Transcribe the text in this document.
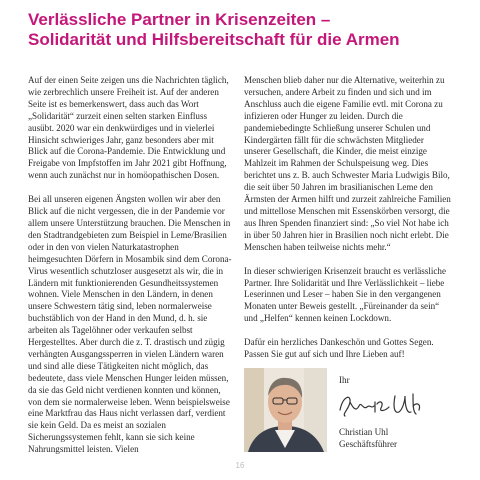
Verlässliche Partner in Krisenzeiten –
Solidarität und Hilfsbereitschaft für die Armen

Auf der einen Seite zeigen uns die Nachrichten täglich, wie zerbrechlich unsere Freiheit ist. Auf der anderen Seite ist es bemerkenswert, dass auch das Wort „Solidarität“ zurzeit einen selten starken Einfluss ausübt. 2020 war ein denkwürdiges und in vielerlei Hinsicht schwieriges Jahr, ganz besonders aber mit Blick auf die Corona-Pandemie. Die Entwicklung und Freigabe von Impfstoffen im Jahr 2021 gibt Hoffnung, wenn auch zunächst nur in homöopathischen Dosen.

Bei all unseren eigenen Ängsten wollen wir aber den Blick auf die nicht vergessen, die in der Pandemie vor allem unsere Unterstützung brauchen. Die Menschen in den Stadtrandgebieten zum Beispiel in Leme/Brasilien oder in den von vielen Naturkatastrophen heimgesuchten Dörfern in Mosambik sind dem Corona-Virus wesentlich schutzloser ausgesetzt als wir, die in Ländern mit funktionierenden Gesundheitssystemen wohnen. Viele Menschen in den Ländern, in denen unsere Schwestern tätig sind, leben normalerweise buchstäblich von der Hand in den Mund, d. h. sie arbeiten als Tagelöhner oder verkaufen selbst Hergestelltes. Aber durch die z. T. drastisch und zügig verhängten Ausgangssperren in vielen Ländern waren und sind alle diese Tätigkeiten nicht möglich, das bedeutete, dass viele Menschen Hunger leiden müssen, da sie das Geld nicht verdienen konnten und können, von dem sie normalerweise leben. Wenn beispielsweise eine Marktfrau das Haus nicht verlassen darf, verdient sie kein Geld. Da es meist an sozialen Sicherungssystemen fehlt, kann sie sich keine Nahrungsmittel leisten. Vielen

Menschen blieb daher nur die Alternative, weiterhin zu versuchen, andere Arbeit zu finden und sich und im Anschluss auch die eigene Familie evtl. mit Corona zu infizieren oder Hunger zu leiden. Durch die pandemiebedingte Schließung unserer Schulen und Kindergärten fällt für die schwächsten Mitglieder unserer Gesellschaft, die Kinder, die meist einzige Mahlzeit im Rahmen der Schulspeisung weg. Dies berichtet uns z. B. auch Schwester Maria Ludwigis Bilo, die seit über 50 Jahren im brasilianischen Leme den Ärmsten der Armen hilft und zurzeit zahlreiche Familien und mittellose Menschen mit Essenskörben versorgt, die aus Ihren Spenden finanziert sind: „So viel Not habe ich in über 50 Jahren hier in Brasilien noch nicht erlebt. Die Menschen haben teilweise nichts mehr.“

In dieser schwierigen Krisenzeit braucht es verlässliche Partner. Ihre Solidarität und Ihre Verlässlichkeit – liebe Leserinnen und Leser – haben Sie in den vergangenen Monaten unter Beweis gestellt. „Füreinander da sein“ und „Helfen“ kennen keinen Lockdown.

Dafür ein herzliches Dankeschön und Gottes Segen. Passen Sie gut auf sich und Ihre Lieben auf!

Ihr
Christian Uhl
Geschäftsführer
16
